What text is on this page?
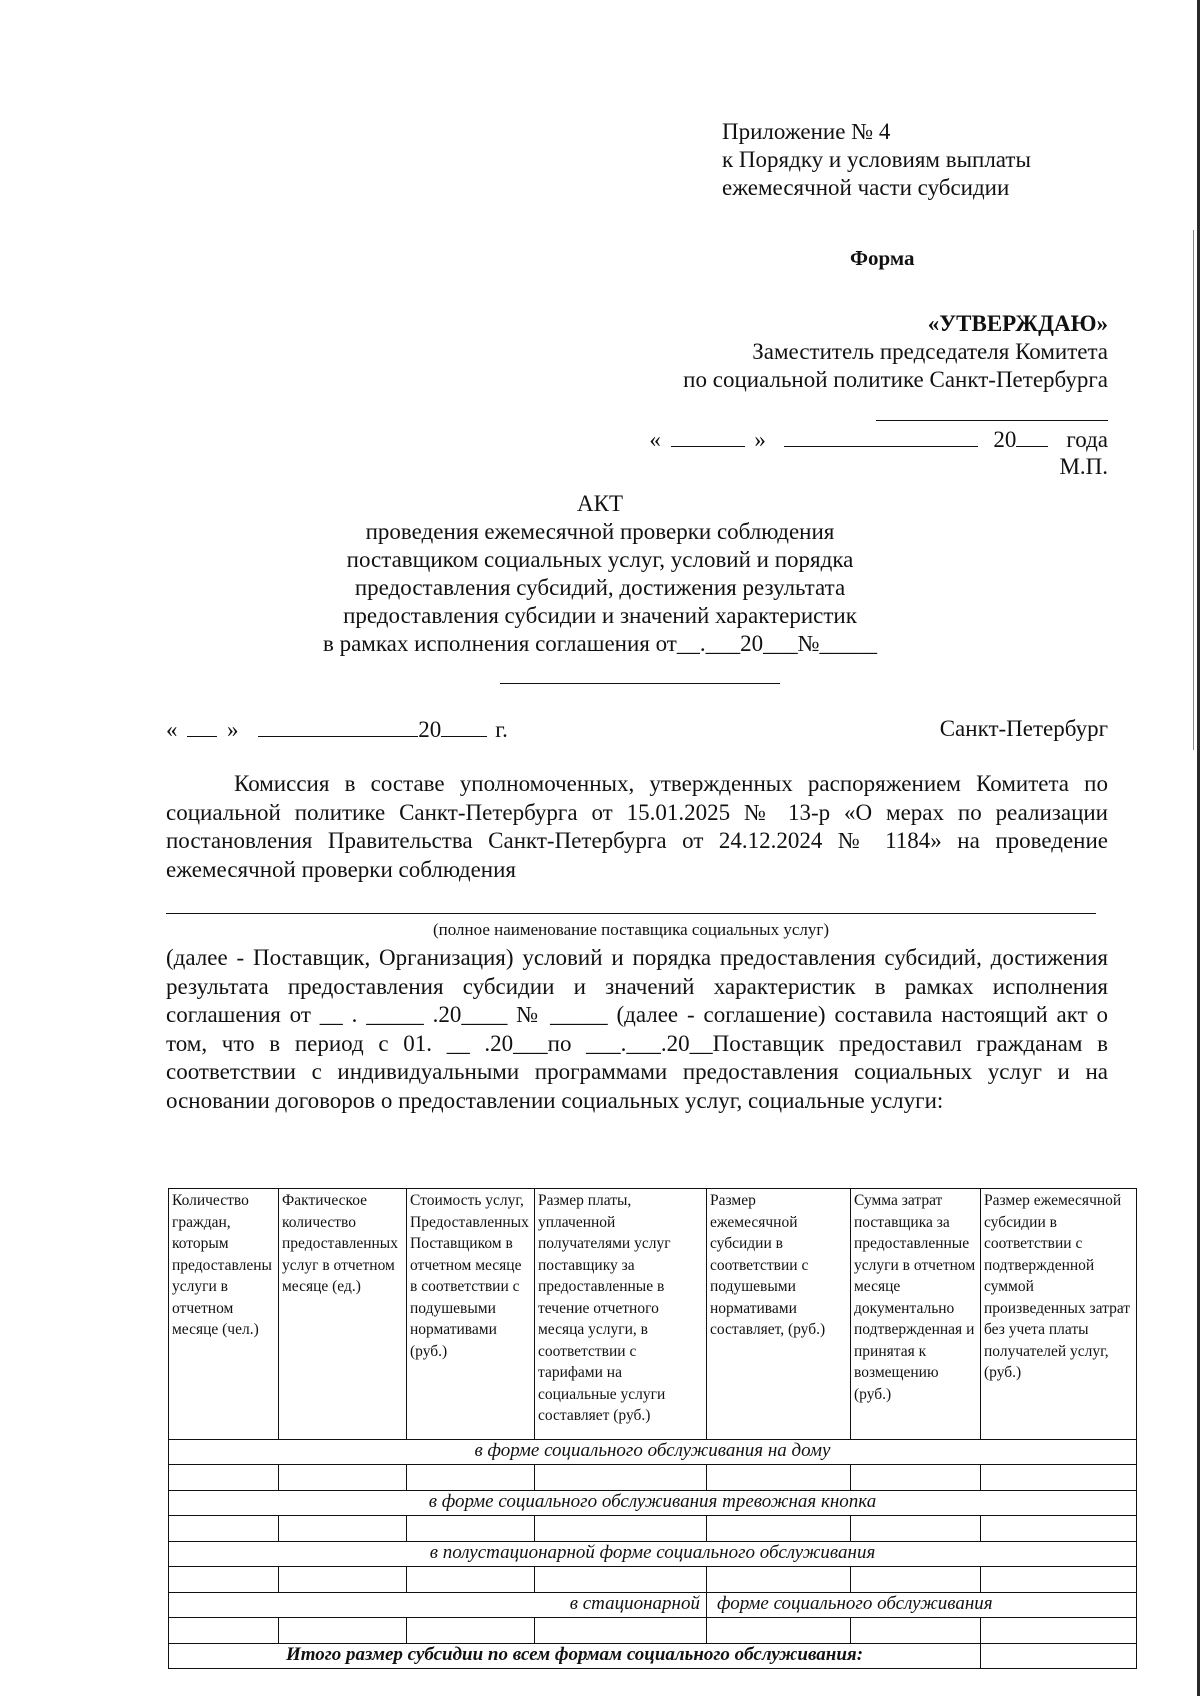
Приложение № 4
к Порядку и условиям выплаты
ежемесячной части субсидии
Форма
«УТВЕРЖДАЮ»
Заместитель председателя Комитета
по социальной политике Санкт-Петербурга
«	»	20 года
М.П.
АКТ
проведения ежемесячной проверки соблюдения
поставщиком социальных услуг, условий и порядка
предоставления субсидий, достижения результата
предоставления субсидии и значений характеристик
в рамках исполнения соглашения от__.___20___№_____
« »	20 г.	Санкт-Петербург
Комиссия в составе уполномоченных, утвержденных распоряжением Комитета по социальной политике Санкт-Петербурга от 15.01.2025 № 13-р «О мерах по реализации постановления Правительства Санкт-Петербурга от 24.12.2024 № 1184» на проведение ежемесячной проверки соблюдения
(полное наименование поставщика социальных услуг)
(далее - Поставщик, Организация) условий и порядка предоставления субсидий, достижения результата предоставления субсидии и значений характеристик в рамках исполнения соглашения от __ . _____ .20____ № _____ (далее - соглашение) составила настоящий акт о том, что в период с 01. __ .20___по ___.___.20__Поставщик предоставил гражданам в соответствии с индивидуальными программами предоставления социальных услуг и на основании договоров о предоставлении социальных услуг, социальные услуги:
Количество граждан, которым предоставлены услуги в отчетном месяце (чел.)	Фактическое количество предоставленных услуг в отчетном месяце (ед.)	Стоимость услуг, Предоставленных Поставщиком в отчетном месяце в соответствии с подушевыми нормативами (руб.)	Размер платы, уплаченной получателями услуг поставщику за предоставленные в течение отчетного месяца услуги, в соответствии с тарифами на социальные услуги составляет (руб.)	Размер ежемесячной субсидии в соответствии с подушевыми нормативами составляет, (руб.)	Сумма затрат поставщика за предоставленные услуги в отчетном месяце документально подтвержденная и принятая к возмещению (руб.)	Размер ежемесячной субсидии в соответствии с подтвержденной суммой произведенных затрат без учета платы получателей услуг, (руб.)
в форме социального обслуживания на дому						

в форме социального обслуживания тревожная кнопка						

в полустационарной форме социального обслуживания						

в стационарной				форме социального обслуживания		

Итого размер субсидии по всем формам социального обслуживания:						
